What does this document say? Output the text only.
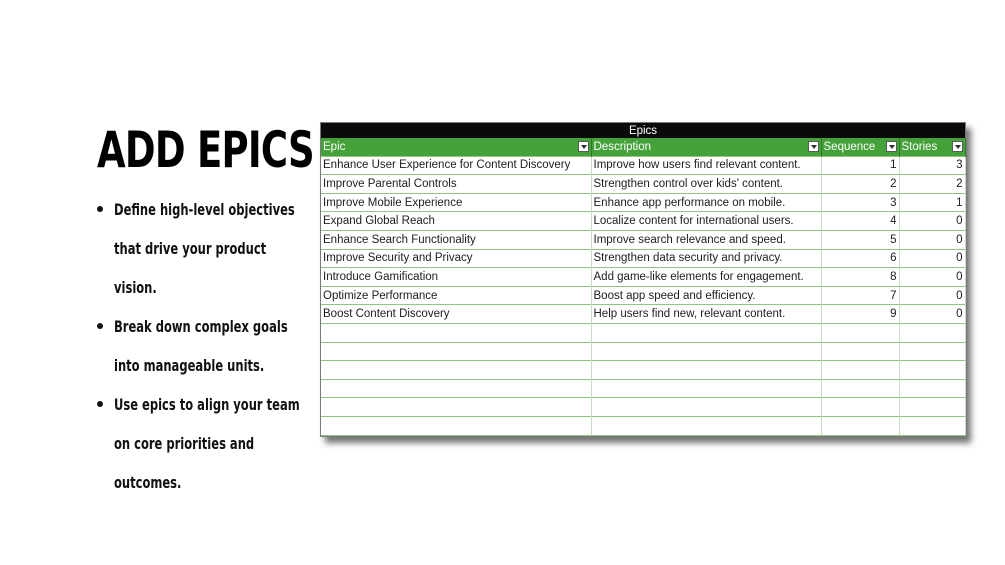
ADD EPICS
Define high-level objectives that drive your product vision.
Break down complex goals into manageable units.
Use epics to align your team on core priorities and outcomes.
Epics			
Epic	Description	Sequence	Stories

Enhance User Experience for Content Discovery	Improve how users find relevant content.	1	3
Improve Parental Controls	Strengthen control over kids' content.	2	2
Improve Mobile Experience	Enhance app performance on mobile.	3	1
Expand Global Reach	Localize content for international users.	4	0
Enhance Search Functionality	Improve search relevance and speed.	5	0
Improve Security and Privacy	Strengthen data security and privacy.	6	0
Introduce Gamification	Add game-like elements for engagement.	8	0
Optimize Performance	Boost app speed and efficiency.	7	0
Boost Content Discovery	Help users find new, relevant content.	9	0
